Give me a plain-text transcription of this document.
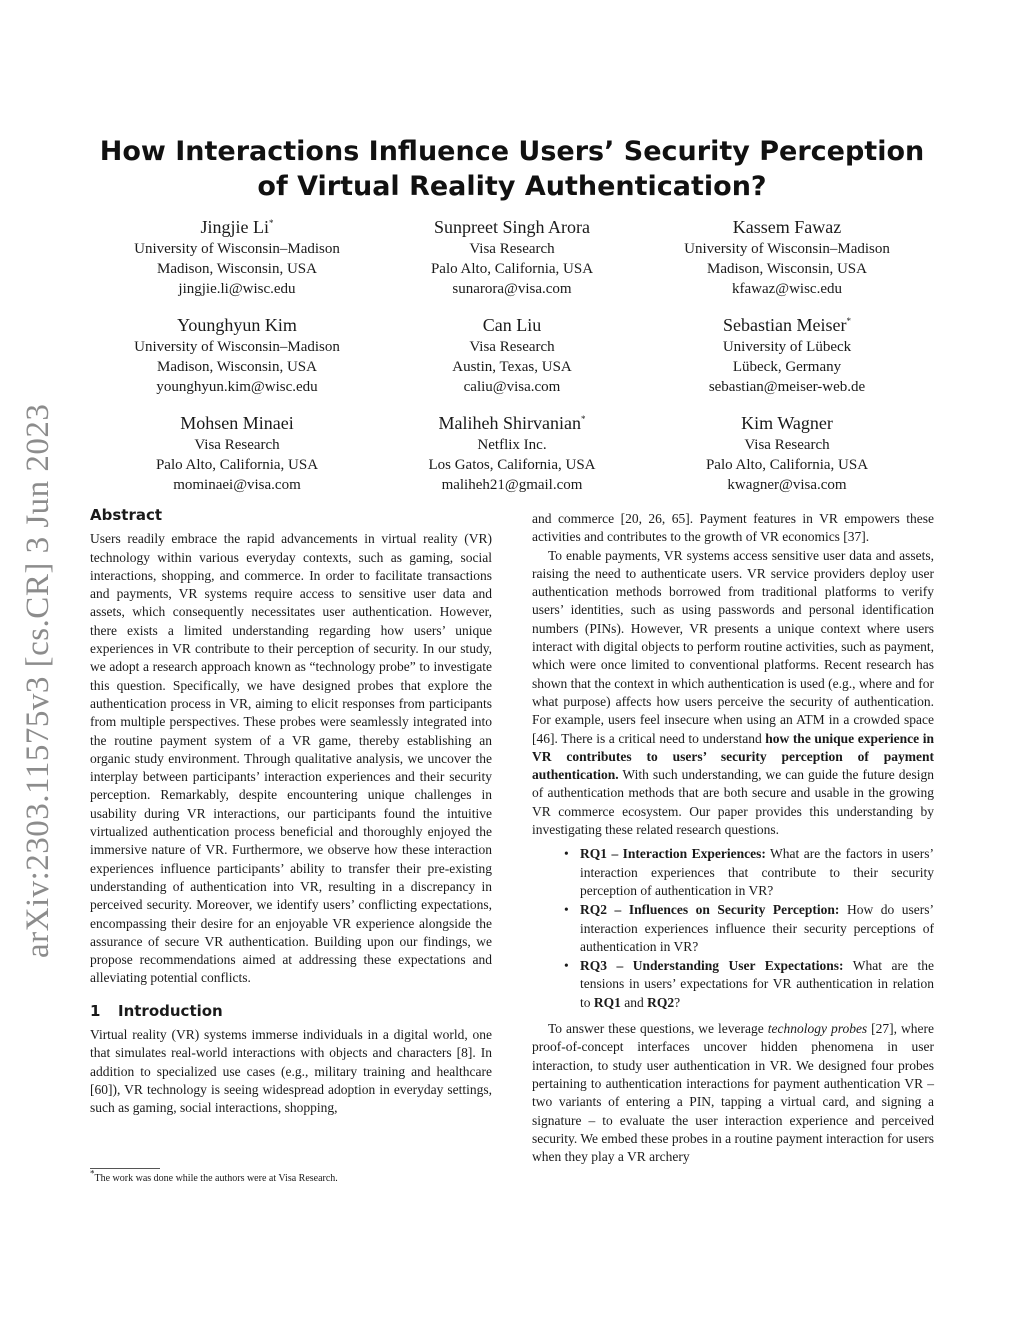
arXiv:2303.11575v3 [cs.CR] 3 Jun 2023
How Interactions Influence Users’ Security Perception of Virtual Reality Authentication?
Jingjie Li*
University of Wisconsin–Madison
Madison, Wisconsin, USA
jingjie.li@wisc.edu
Sunpreet Singh Arora
Visa Research
Palo Alto, California, USA
sunarora@visa.com
Kassem Fawaz
University of Wisconsin–Madison
Madison, Wisconsin, USA
kfawaz@wisc.edu
Younghyun Kim
University of Wisconsin–Madison
Madison, Wisconsin, USA
younghyun.kim@wisc.edu
Can Liu
Visa Research
Austin, Texas, USA
caliu@visa.com
Sebastian Meiser*
University of Lübeck
Lübeck, Germany
sebastian@meiser-web.de
Mohsen Minaei
Visa Research
Palo Alto, California, USA
mominaei@visa.com
Maliheh Shirvanian*
Netflix Inc.
Los Gatos, California, USA
maliheh21@gmail.com
Kim Wagner
Visa Research
Palo Alto, California, USA
kwagner@visa.com
Abstract

Users readily embrace the rapid advancements in virtual reality (VR) technology within various everyday contexts, such as gaming, social interactions, shopping, and commerce. In order to facilitate transactions and payments, VR systems require access to sensitive user data and assets, which consequently necessitates user authentication. However, there exists a limited understanding regarding how users’ unique experiences in VR contribute to their perception of security. In our study, we adopt a research approach known as “technology probe” to investigate this question. Specifically, we have designed probes that explore the authentication process in VR, aiming to elicit responses from participants from multiple perspectives. These probes were seamlessly integrated into the routine payment system of a VR game, thereby establishing an organic study environment. Through qualitative analysis, we uncover the interplay between participants’ interaction experiences and their security perception. Remarkably, despite encountering unique challenges in usability during VR interactions, our participants found the intuitive virtualized authentication process beneficial and thoroughly enjoyed the immersive nature of VR. Furthermore, we observe how these interaction experiences influence participants’ ability to transfer their pre-existing understanding of authentication into VR, resulting in a discrepancy in perceived security. Moreover, we identify users’ conflicting expectations, encompassing their desire for an enjoyable VR experience alongside the assurance of secure VR authentication. Building upon our findings, we propose recommendations aimed at addressing these expectations and alleviating potential conflicts.

1 Introduction

Virtual reality (VR) systems immerse individuals in a digital world, one that simulates real-world interactions with objects and characters [8]. In addition to specialized use cases (e.g., military training and healthcare [60]), VR technology is seeing widespread adoption in everyday settings, such as gaming, social interactions, shopping,

*The work was done while the authors were at Visa Research.

and commerce [20, 26, 65]. Payment features in VR empowers these activities and contributes to the growth of VR economics [37].

To enable payments, VR systems access sensitive user data and assets, raising the need to authenticate users. VR service providers deploy user authentication methods borrowed from traditional platforms to verify users’ identities, such as using passwords and personal identification numbers (PINs). However, VR presents a unique context where users interact with digital objects to perform routine activities, such as payment, which were once limited to conventional platforms. Recent research has shown that the context in which authentication is used (e.g., where and for what purpose) affects how users perceive the security of authentication. For example, users feel insecure when using an ATM in a crowded space [46]. There is a critical need to understand how the unique experience in VR contributes to users’ security perception of payment authentication. With such understanding, we can guide the future design of authentication methods that are both secure and usable in the growing VR commerce ecosystem. Our paper provides this understanding by investigating these related research questions.

• RQ1 – Interaction Experiences: What are the factors in users’ interaction experiences that contribute to their security perception of authentication in VR?
• RQ2 – Influences on Security Perception: How do users’ interaction experiences influence their security perceptions of authentication in VR?
• RQ3 – Understanding User Expectations: What are the tensions in users’ expectations for VR authentication in relation to RQ1 and RQ2?

To answer these questions, we leverage technology probes [27], where proof-of-concept interfaces uncover hidden phenomena in user interaction, to study user authentication in VR. We designed four probes pertaining to authentication interactions for payment authentication VR – two variants of entering a PIN, tapping a virtual card, and signing a signature – to evaluate the user interaction experience and perceived security. We embed these probes in a routine payment interaction for users when they play a VR archery
